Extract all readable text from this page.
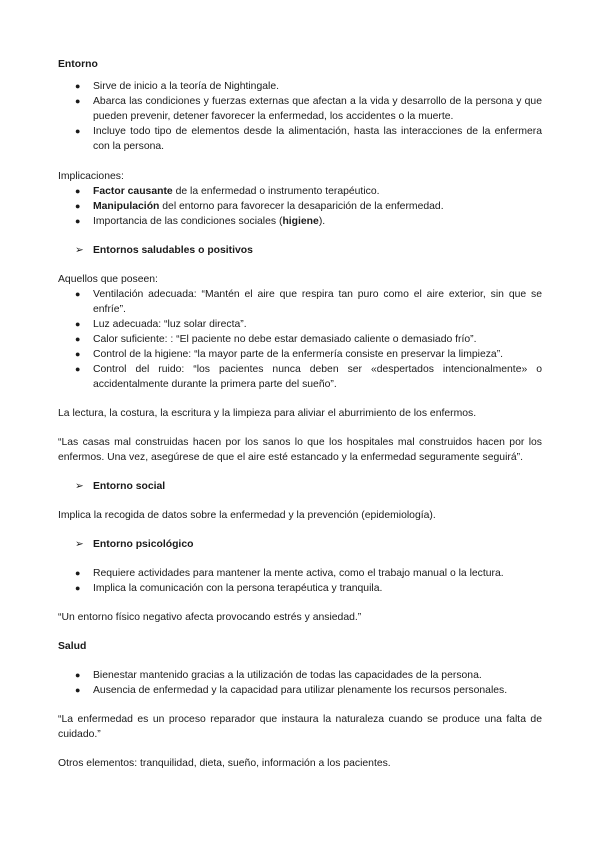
Entorno

● Sirve de inicio a la teoría de Nightingale.
● Abarca las condiciones y fuerzas externas que afectan a la vida y desarrollo de la persona y que pueden prevenir, detener favorecer la enfermedad, los accidentes o la muerte.
● Incluye todo tipo de elementos desde la alimentación, hasta las interacciones de la enfermera con la persona.

Implicaciones:

● Factor causante de la enfermedad o instrumento terapéutico.
● Manipulación del entorno para favorecer la desaparición de la enfermedad.
● Importancia de las condiciones sociales (higiene).

➢ Entornos saludables o positivos

Aquellos que poseen:

● Ventilación adecuada: “Mantén el aire que respira tan puro como el aire exterior, sin que se enfríe”.
● Luz adecuada: “luz solar directa”.
● Calor suficiente: : “El paciente no debe estar demasiado caliente o demasiado frío”.
● Control de la higiene: “la mayor parte de la enfermería consiste en preservar la limpieza”.
● Control del ruido: “los pacientes nunca deben ser «despertados intencionalmente» o accidentalmente durante la primera parte del sueño”.

La lectura, la costura, la escritura y la limpieza para aliviar el aburrimiento de los enfermos.

“Las casas mal construidas hacen por los sanos lo que los hospitales mal construidos hacen por los enfermos. Una vez, asegúrese de que el aire esté estancado y la enfermedad seguramente seguirá”.

➢ Entorno social

Implica la recogida de datos sobre la enfermedad y la prevención (epidemiología).

➢ Entorno psicológico

● Requiere actividades para mantener la mente activa, como el trabajo manual o la lectura.
● Implica la comunicación con la persona terapéutica y tranquila.

“Un entorno físico negativo afecta provocando estrés y ansiedad.”

Salud

● Bienestar mantenido gracias a la utilización de todas las capacidades de la persona.
● Ausencia de enfermedad y la capacidad para utilizar plenamente los recursos personales.

“La enfermedad es un proceso reparador que instaura la naturaleza cuando se produce una falta de cuidado.”

Otros elementos: tranquilidad, dieta, sueño, información a los pacientes.
